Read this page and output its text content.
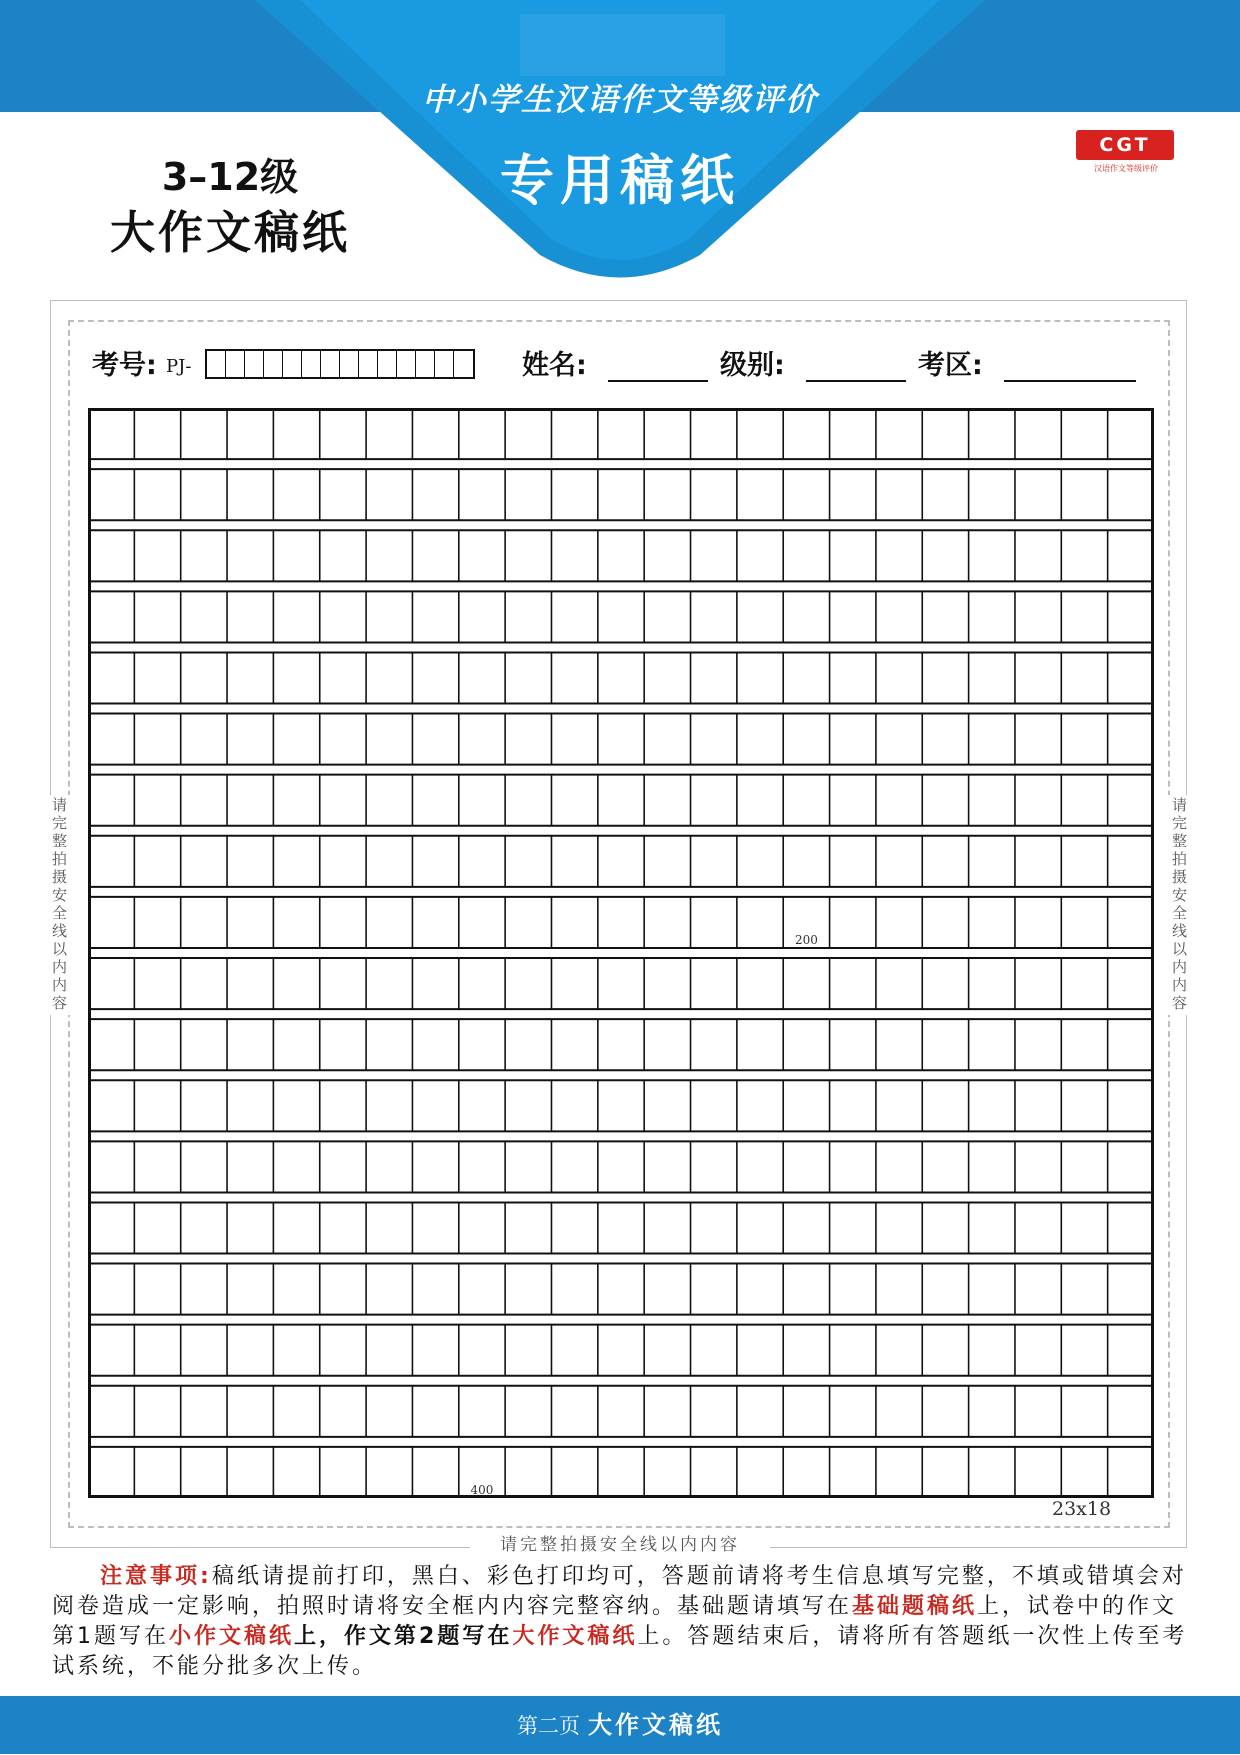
中小学生汉语作文等级评价
专用稿纸
3–12级
大作文稿纸
CGT
汉语作文等级评价
请完整拍摄安全线以内内容	请完整拍摄安全线以内内容
请完整拍摄安全线以内内容
考号: PJ-	姓名:	级别:	考区:
200
400
23x18
注意事项:稿纸请提前打印，黑白、彩色打印均可，答题前请将考生信息填写完整，不填或错填会对阅卷造成一定影响，拍照时请将安全框内内容完整容纳。基础题请填写在基础题稿纸上，试卷中的作文第1题写在小作文稿纸上，作文第2题写在大作文稿纸上。答题结束后，请将所有答题纸一次性上传至考试系统，不能分批多次上传。
第二页 大作文稿纸
